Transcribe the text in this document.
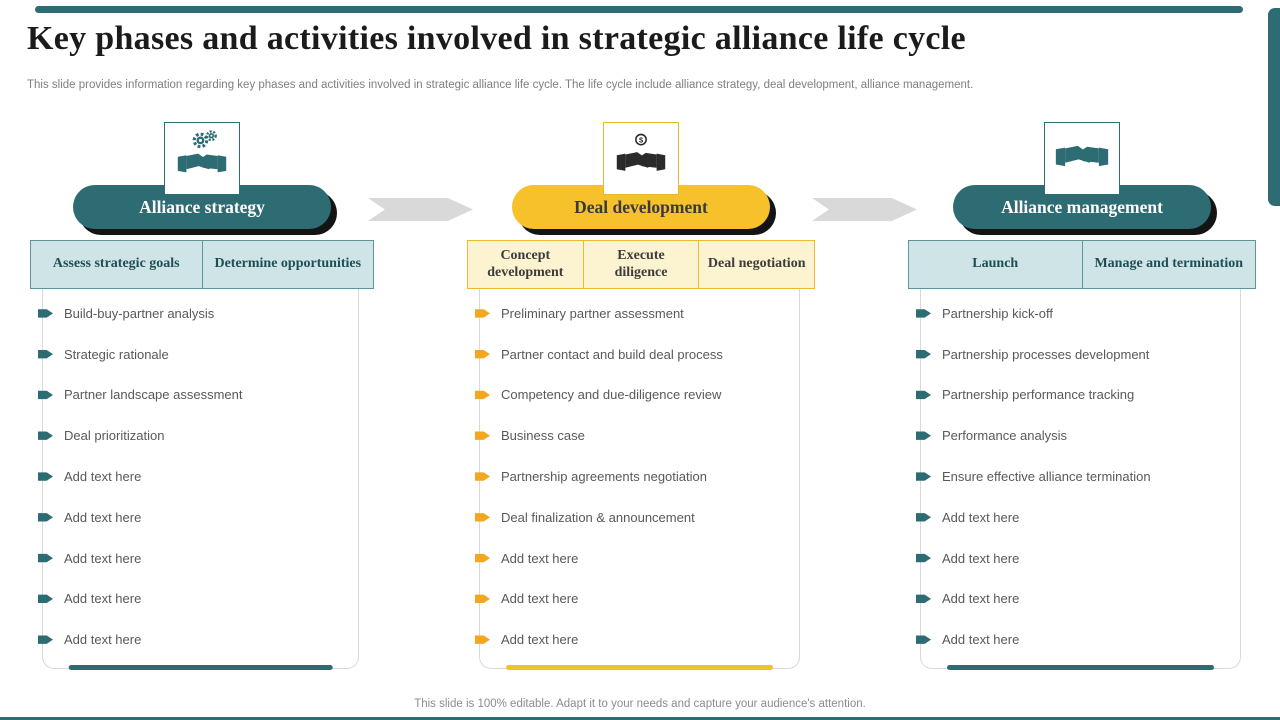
Key phases and activities involved in strategic alliance life cycle
This slide provides information regarding key phases and activities involved in strategic alliance life cycle. The life cycle include alliance strategy, deal development, alliance management.
Alliance strategy
Assess strategic goals	Determine opportunities
Build-buy-partner analysis
Strategic rationale
Partner landscape assessment
Deal prioritization
Add text here
Add text here
Add text here
Add text here
Add text here
$
Deal development
Concept development
Execute diligence
Deal negotiation
Preliminary partner assessment
Partner contact and build deal process
Competency and due-diligence review
Business case
Partnership agreements negotiation
Deal finalization & announcement
Add text here
Add text here
Add text here
Alliance management
Launch	Manage and termination
Partnership kick-off
Partnership processes development
Partnership performance tracking
Performance analysis
Ensure effective alliance termination
Add text here
Add text here
Add text here
Add text here
This slide is 100% editable. Adapt it to your needs and capture your audience's attention.
